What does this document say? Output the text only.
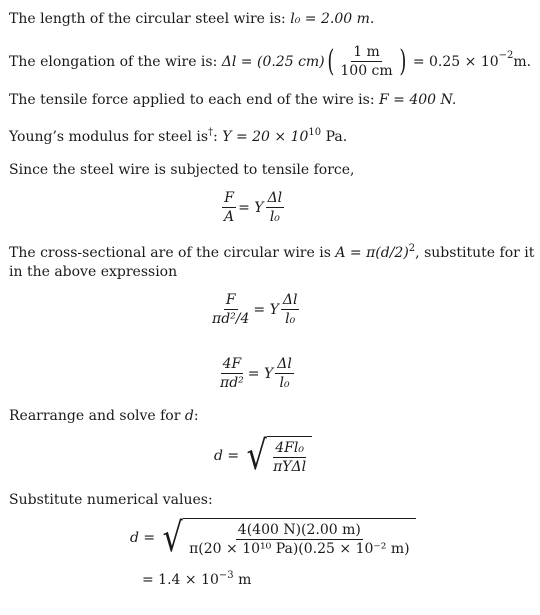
The length of the circular steel wire is: l₀ = 2.00 m.
The elongation of the wire is:
Δl = (0.25 cm) ( $\frac{1 m}{100 cm}$ )
= 0.25 × 10 −2 m.
The tensile force applied to each end of the wire is: F = 400 N.
Young’s modulus for steel is†: $Y = 20 \times 10^{10}$ Pa.
Since the steel wire is subjected to tensile force,
$\frac{F}{A} = Y \frac{\Delta l}{\text{l₀}}$
The cross-sectional are of the circular wire is $A = \pi(d/2)^2$, substitute for it
in the above expression
$\frac{F}{\text{πd²/4}} = Y \frac{\Delta l}{\text{l₀}}$
$\frac{4F}{\text{πd²}} = Y \frac{\Delta l}{\text{l₀}}$
Rearrange and solve for d:
d =
√ $\frac{\text{4Fl₀}}{\text{πYΔl}}$
Substitute numerical values:
d =
√ $\frac{4(400 N)(2.00 m)}{\text{π(20 × 10¹⁰ Pa)(0.25 × 10⁻² m)}}$
= $1.4 \times 10^{-3}$ m
